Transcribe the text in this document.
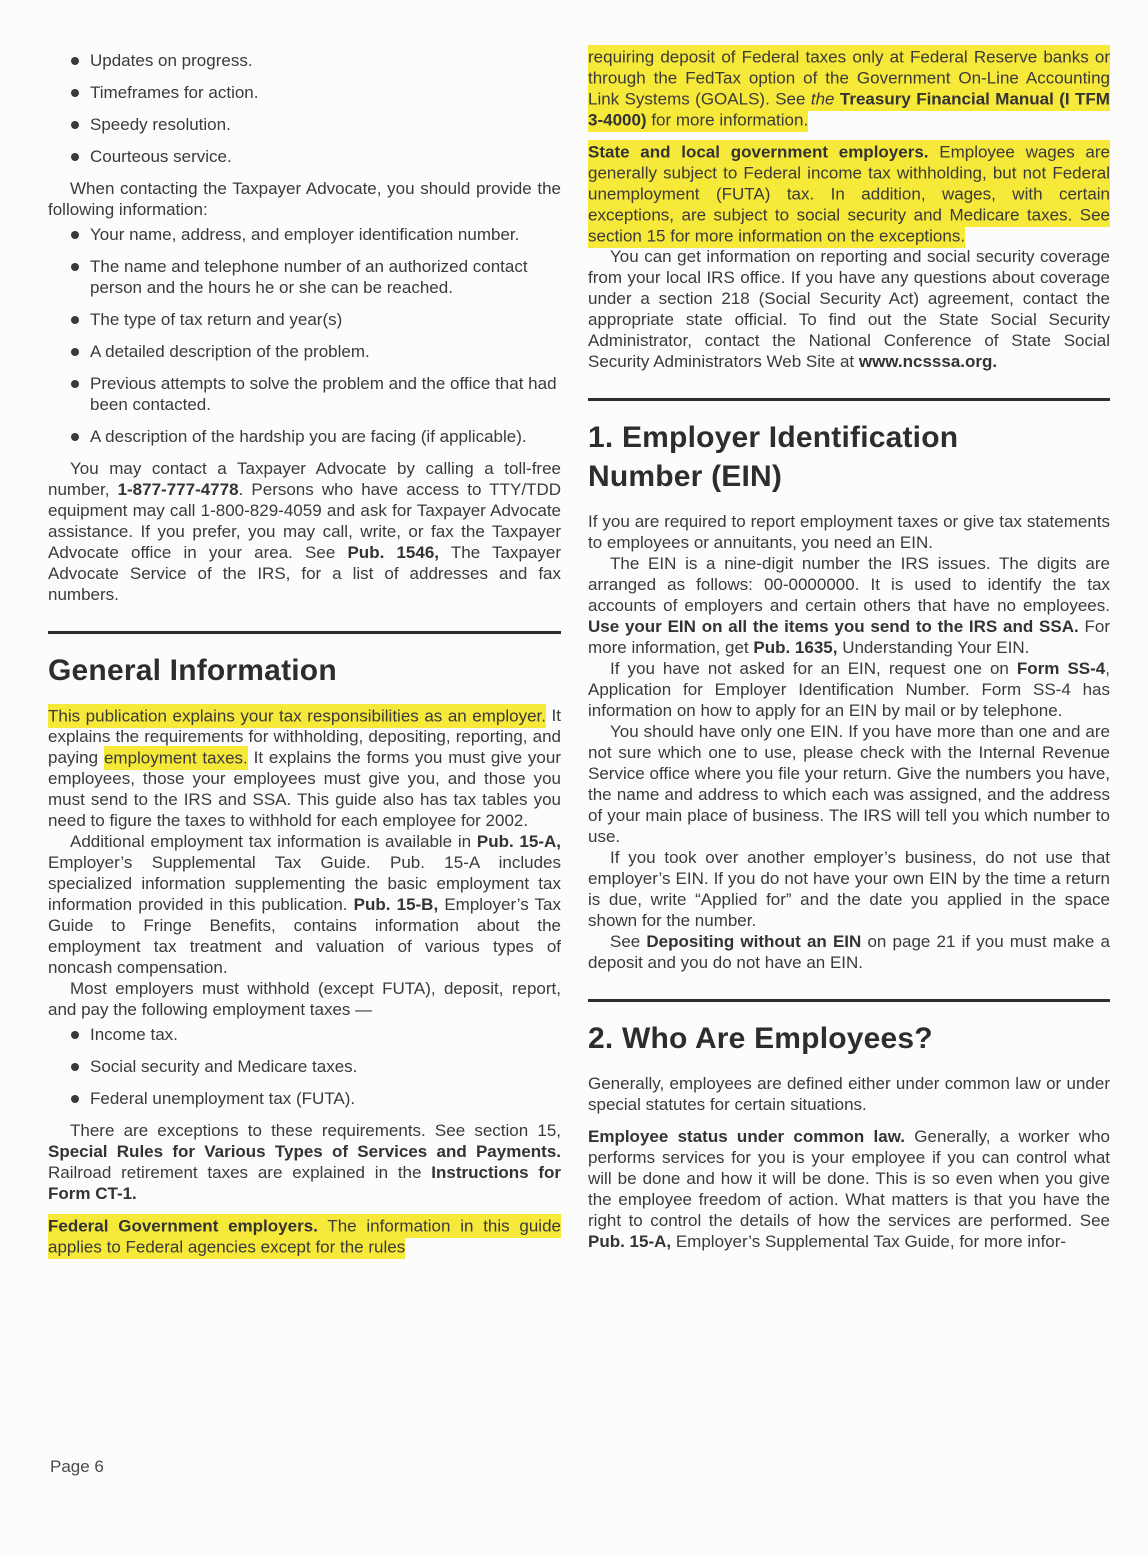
Updates on progress.
Timeframes for action.
Speedy resolution.
Courteous service.

When contacting the Taxpayer Advocate, you should provide the following information:

Your name, address, and employer identification number.
The name and telephone number of an authorized contact person and the hours he or she can be reached.
The type of tax return and year(s)
A detailed description of the problem.
Previous attempts to solve the problem and the office that had been contacted.
A description of the hardship you are facing (if applicable).

You may contact a Taxpayer Advocate by calling a toll-free number, 1-877-777-4778. Persons who have access to TTY/TDD equipment may call 1-800-829-4059 and ask for Taxpayer Advocate assistance. If you prefer, you may call, write, or fax the Taxpayer Advocate office in your area. See Pub. 1546, The Taxpayer Advocate Service of the IRS, for a list of addresses and fax numbers.

General Information

This publication explains your tax responsibilities as an employer. It explains the requirements for withholding, depositing, reporting, and paying employment taxes. It explains the forms you must give your employees, those your employees must give you, and those you must send to the IRS and SSA. This guide also has tax tables you need to figure the taxes to withhold for each employee for 2002.

Additional employment tax information is available in Pub. 15-A, Employer’s Supplemental Tax Guide. Pub. 15-A includes specialized information supplementing the basic employment tax information provided in this publication. Pub. 15-B, Employer’s Tax Guide to Fringe Benefits, contains information about the employment tax treatment and valuation of various types of noncash compensation.

Most employers must withhold (except FUTA), deposit, report, and pay the following employment taxes —

Income tax.
Social security and Medicare taxes.
Federal unemployment tax (FUTA).

There are exceptions to these requirements. See section 15, Special Rules for Various Types of Services and Payments. Railroad retirement taxes are explained in the Instructions for Form CT-1.

Federal Government employers. The information in this guide applies to Federal agencies except for the rules

requiring deposit of Federal taxes only at Federal Reserve banks or through the FedTax option of the Government On-Line Accounting Link Systems (GOALS). See the Treasury Financial Manual (I TFM 3-4000) for more information.

State and local government employers. Employee wages are generally subject to Federal income tax withholding, but not Federal unemployment (FUTA) tax. In addition, wages, with certain exceptions, are subject to social security and Medicare taxes. See section 15 for more information on the exceptions.

You can get information on reporting and social security coverage from your local IRS office. If you have any questions about coverage under a section 218 (Social Security Act) agreement, contact the appropriate state official. To find out the State Social Security Administrator, contact the National Conference of State Social Security Administrators Web Site at www.ncsssa.org.

1. Employer Identification
Number (EIN)

If you are required to report employment taxes or give tax statements to employees or annuitants, you need an EIN.

The EIN is a nine-digit number the IRS issues. The digits are arranged as follows: 00-0000000. It is used to identify the tax accounts of employers and certain others that have no employees. Use your EIN on all the items you send to the IRS and SSA. For more information, get Pub. 1635, Understanding Your EIN.

If you have not asked for an EIN, request one on Form SS-4, Application for Employer Identification Number. Form SS-4 has information on how to apply for an EIN by mail or by telephone.

You should have only one EIN. If you have more than one and are not sure which one to use, please check with the Internal Revenue Service office where you file your return. Give the numbers you have, the name and address to which each was assigned, and the address of your main place of business. The IRS will tell you which number to use.

If you took over another employer’s business, do not use that employer’s EIN. If you do not have your own EIN by the time a return is due, write “Applied for” and the date you applied in the space shown for the number.

See Depositing without an EIN on page 21 if you must make a deposit and you do not have an EIN.

2. Who Are Employees?

Generally, employees are defined either under common law or under special statutes for certain situations.

Employee status under common law. Generally, a worker who performs services for you is your employee if you can control what will be done and how it will be done. This is so even when you give the employee freedom of action. What matters is that you have the right to control the details of how the services are performed. See Pub. 15-A, Employer’s Supplemental Tax Guide, for more infor-

Page 6
